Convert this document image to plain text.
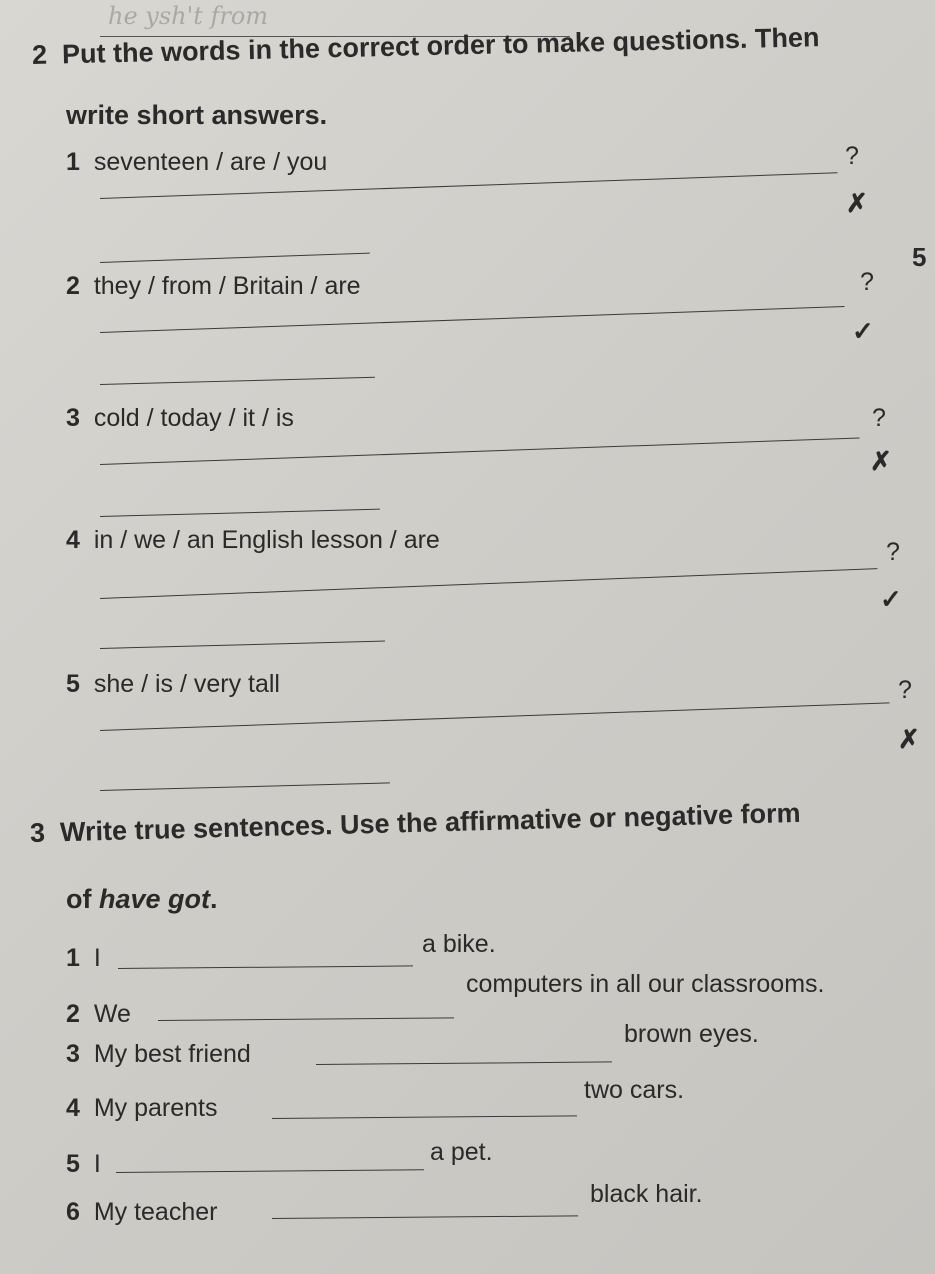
he ysh't from
2 Put the words in the correct order to make questions. Then
write short answers.
1 seventeen / are / you	?
✗
5
2 they / from / Britain / are	?
✓
3 cold / today / it / is	?
✗
4 in / we / an English lesson / are	?
✓
5 she / is / very tall	?
✗
3 Write true sentences. Use the affirmative or negative form
of have got.
1 I	a bike.
2 We
computers in all our classrooms.
3 My best friend
brown eyes.
4 My parents
two cars.
5 I	a pet.
6 My teacher
black hair.
